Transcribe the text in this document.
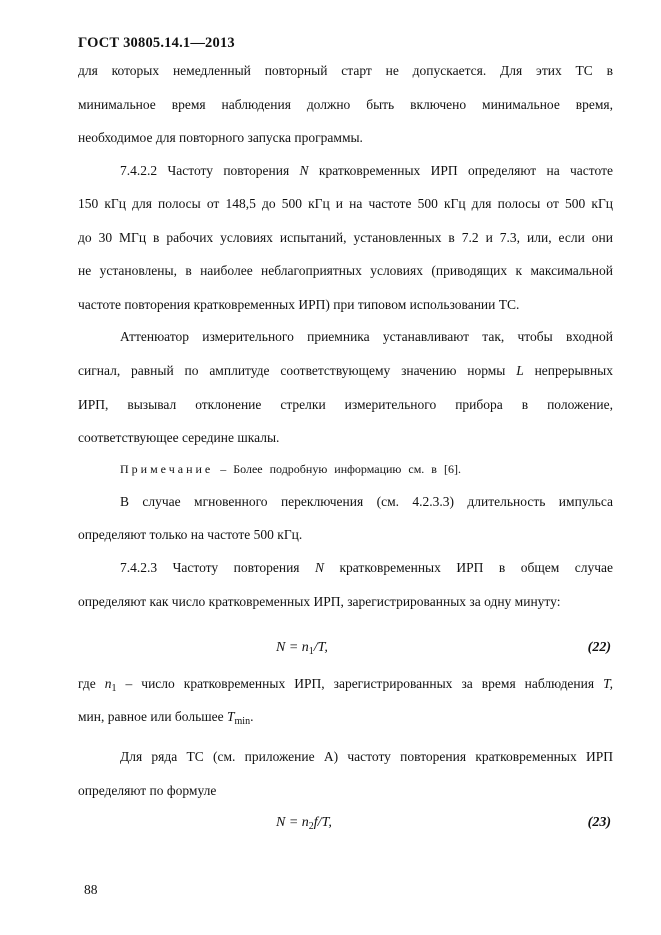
ГОСТ 30805.14.1—2013
для которых немедленный повторный старт не допускается. Для этих ТС в
минимальное время наблюдения должно быть включено минимальное время,
необходимое для повторного запуска программы.
7.4.2.2 Частоту повторения N кратковременных ИРП определяют на частоте
150 кГц для полосы от 148,5 до 500 кГц и на частоте 500 кГц для полосы от 500 кГц
до 30 МГц в рабочих условиях испытаний, установленных в 7.2 и 7.3, или, если они
не установлены, в наиболее неблагоприятных условиях (приводящих к максимальной
частоте повторения кратковременных ИРП) при типовом использовании ТС.
Аттенюатор измерительного приемника устанавливают так, чтобы входной
сигнал, равный по амплитуде соответствующему значению нормы L непрерывных
ИРП, вызывал отклонение стрелки измерительного прибора в положение,
соответствующее середине шкалы.
Примечание – Более подробную информацию см. в [6].
В случае мгновенного переключения (см. 4.2.3.3) длительность импульса
определяют только на частоте 500 кГц.
7.4.2.3 Частоту повторения N кратковременных ИРП в общем случае
определяют как число кратковременных ИРП, зарегистрированных за одну минуту:
$N = n_1/T$,	(22)
где $n_1$ – число кратковременных ИРП, зарегистрированных за время наблюдения T,
мин, равное или большее $T_{min}$.
Для ряда ТС (см. приложение А) частоту повторения кратковременных ИРП
определяют по формуле
$N = n_2f/T$,	(23)
88
